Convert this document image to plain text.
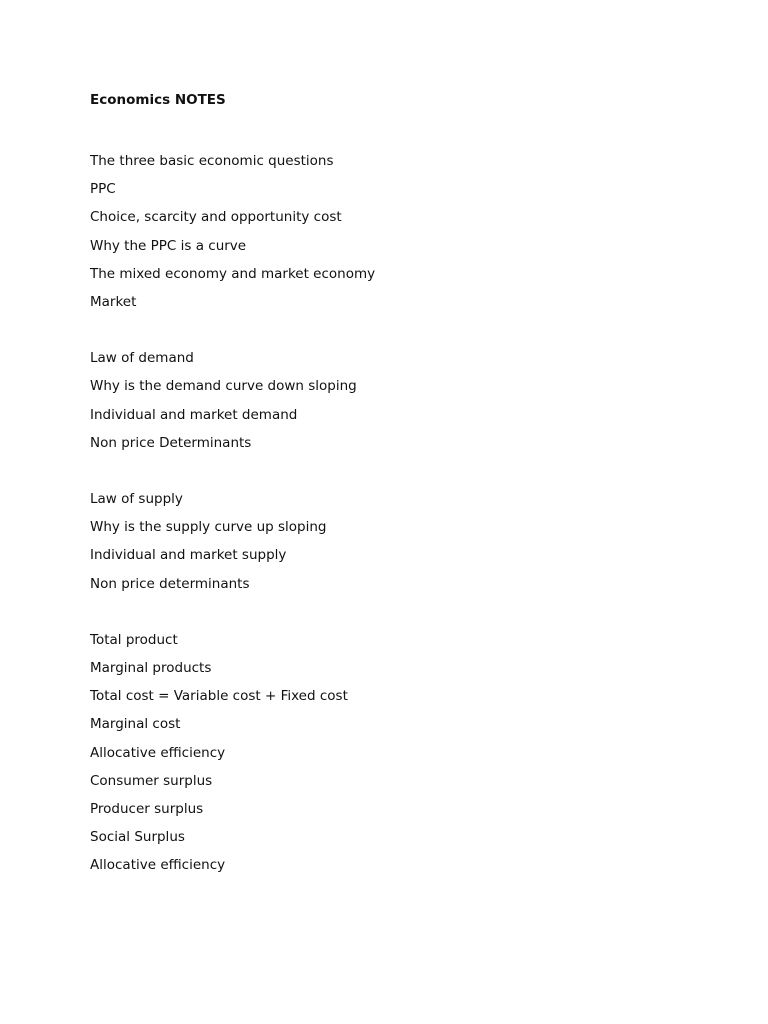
Economics NOTES

The three basic economic questions

PPC

Choice, scarcity and opportunity cost

Why the PPC is a curve

The mixed economy and market economy

Market

Law of demand

Why is the demand curve down sloping

Individual and market demand

Non price Determinants

Law of supply

Why is the supply curve up sloping

Individual and market supply

Non price determinants

Total product

Marginal products

Total cost = Variable cost + Fixed cost

Marginal cost

Allocative efficiency

Consumer surplus

Producer surplus

Social Surplus

Allocative efficiency
